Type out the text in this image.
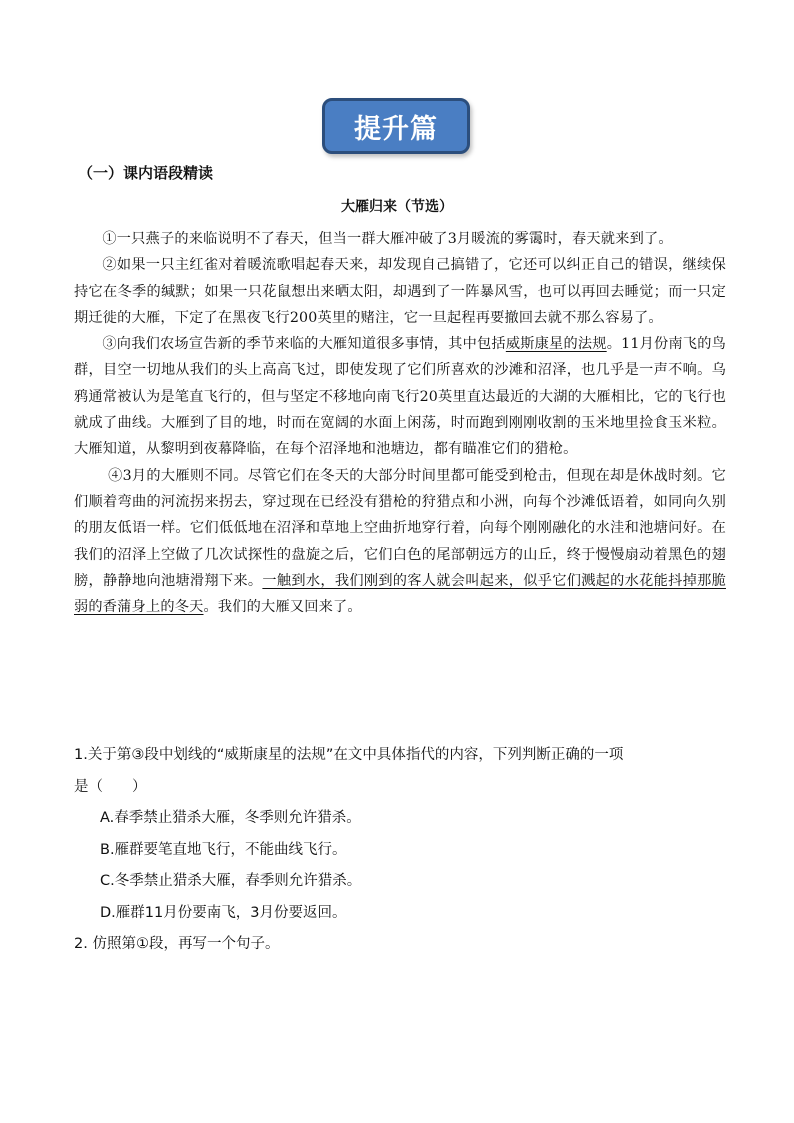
提升篇
（一）课内语段精读
大雁归来（节选）

①一只燕子的来临说明不了春天，但当一群大雁冲破了3月暖流的雾霭时，春天就来到了。

②如果一只主红雀对着暖流歌唱起春天来，却发现自己搞错了，它还可以纠正自己的错误，继续保持它在冬季的缄默；如果一只花鼠想出来晒太阳，却遇到了一阵暴风雪，也可以再回去睡觉；而一只定期迁徙的大雁，下定了在黑夜飞行200英里的赌注，它一旦起程再要撤回去就不那么容易了。

③向我们农场宣告新的季节来临的大雁知道很多事情，其中包括威斯康星的法规。11月份南飞的鸟群，目空一切地从我们的头上高高飞过，即使发现了它们所喜欢的沙滩和沼泽，也几乎是一声不响。乌鸦通常被认为是笔直飞行的，但与坚定不移地向南飞行20英里直达最近的大湖的大雁相比，它的飞行也就成了曲线。大雁到了目的地，时而在宽阔的水面上闲荡，时而跑到刚刚收割的玉米地里捡食玉米粒。大雁知道，从黎明到夜幕降临，在每个沼泽地和池塘边，都有瞄准它们的猎枪。

④3月的大雁则不同。尽管它们在冬天的大部分时间里都可能受到枪击，但现在却是休战时刻。它们顺着弯曲的河流拐来拐去，穿过现在已经没有猎枪的狩猎点和小洲，向每个沙滩低语着，如同向久别的朋友低语一样。它们低低地在沼泽和草地上空曲折地穿行着，向每个刚刚融化的水洼和池塘问好。在我们的沼泽上空做了几次试探性的盘旋之后，它们白色的尾部朝远方的山丘，终于慢慢扇动着黑色的翅膀，静静地向池塘滑翔下来。一触到水，我们刚到的客人就会叫起来，似乎它们溅起的水花能抖掉那脆弱的香蒲身上的冬天。我们的大雁又回来了。

1.关于第③段中划线的“威斯康星的法规”在文中具体指代的内容，下列判断正确的一项

是（　　）

A.春季禁止猎杀大雁，冬季则允许猎杀。

B.雁群要笔直地飞行，不能曲线飞行。

C.冬季禁止猎杀大雁，春季则允许猎杀。

D.雁群11月份要南飞，3月份要返回。

2. 仿照第①段，再写一个句子。
